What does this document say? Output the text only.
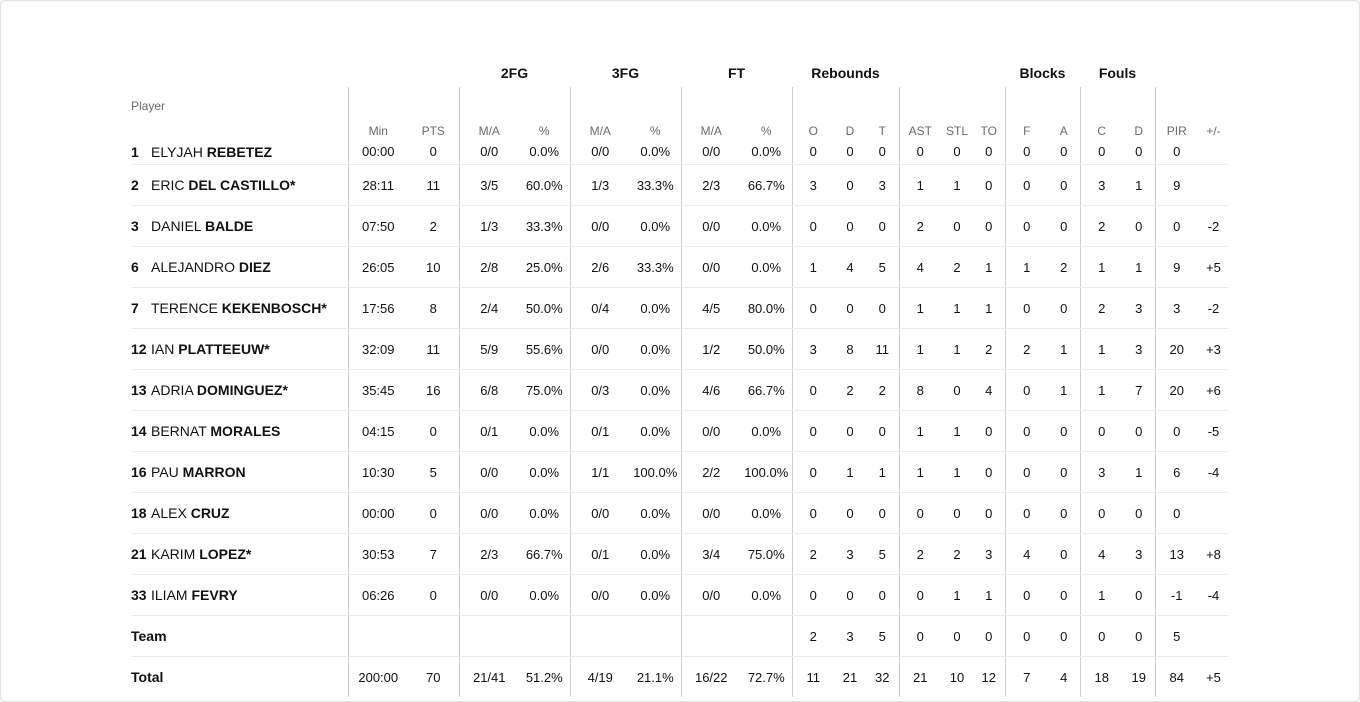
			2FG		3FG		FT		Rebounds						Blocks		Fouls			
Player	Min	PTS	M/A	%	M/A	%	M/A	%	O	D	T	AST	STL	TO	F	A	C	D	PIR	+/-
1 ELYJAH REBETEZ	00:00	0	0/0	0.0%	0/0	0.0%	0/0	0.0%	0	0	0	0	0	0	0	0	0	0	0	
2 ERIC DEL CASTILLO*	28:11	11	3/5	60.0%	1/3	33.3%	2/3	66.7%	3	0	3	1	1	0	0	0	3	1	9	
3 DANIEL BALDE	07:50	2	1/3	33.3%	0/0	0.0%	0/0	0.0%	0	0	0	2	0	0	0	0	2	0	0	-2
6 ALEJANDRO DIEZ	26:05	10	2/8	25.0%	2/6	33.3%	0/0	0.0%	1	4	5	4	2	1	1	2	1	1	9	+5
7 TERENCE KEKENBOSCH*	17:56	8	2/4	50.0%	0/4	0.0%	4/5	80.0%	0	0	0	1	1	1	0	0	2	3	3	-2
12 IAN PLATTEEUW*	32:09	11	5/9	55.6%	0/0	0.0%	1/2	50.0%	3	8	11	1	1	2	2	1	1	3	20	+3
13 ADRIA DOMINGUEZ*	35:45	16	6/8	75.0%	0/3	0.0%	4/6	66.7%	0	2	2	8	0	4	0	1	1	7	20	+6
14 BERNAT MORALES	04:15	0	0/1	0.0%	0/1	0.0%	0/0	0.0%	0	0	0	1	1	0	0	0	0	0	0	-5
16 PAU MARRON	10:30	5	0/0	0.0%	1/1	100.0%	2/2	100.0%	0	1	1	1	1	0	0	0	3	1	6	-4
18 ALEX CRUZ	00:00	0	0/0	0.0%	0/0	0.0%	0/0	0.0%	0	0	0	0	0	0	0	0	0	0	0	
21 KARIM LOPEZ*	30:53	7	2/3	66.7%	0/1	0.0%	3/4	75.0%	2	3	5	2	2	3	4	0	4	3	13	+8
33 ILIAM FEVRY	06:26	0	0/0	0.0%	0/0	0.0%	0/0	0.0%	0	0	0	0	1	1	0	0	1	0	-1	-4
Team									2	3	5	0	0	0	0	0	0	0	5	
Total	200:00	70	21/41	51.2%	4/19	21.1%	16/22	72.7%	11	21	32	21	10	12	7	4	18	19	84	+5
